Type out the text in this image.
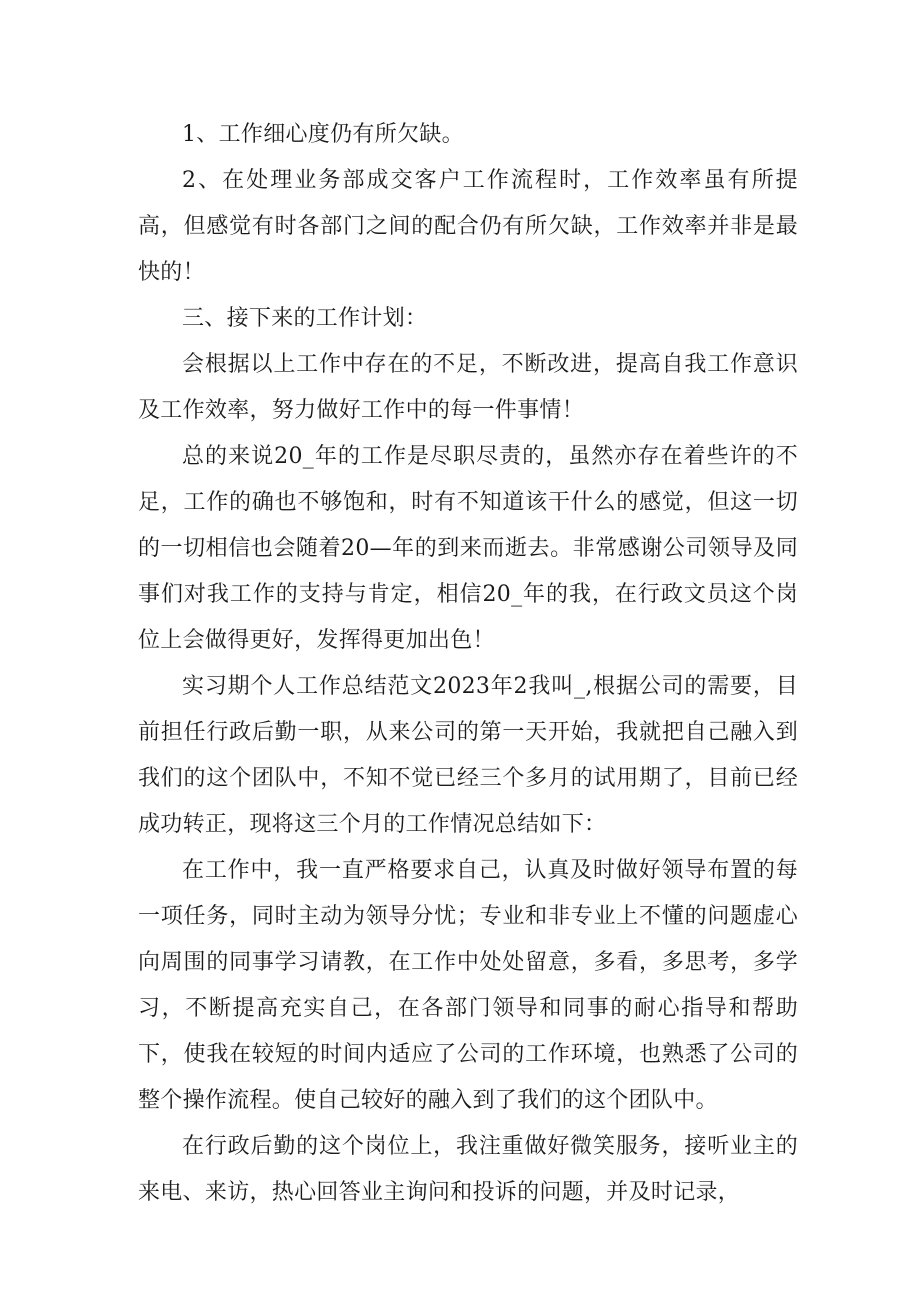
1、工作细心度仍有所欠缺。

2、在处理业务部成交客户工作流程时，工作效率虽有所提高，但感觉有时各部门之间的配合仍有所欠缺，工作效率并非是最快的！

三、接下来的工作计划：

会根据以上工作中存在的不足，不断改进，提高自我工作意识及工作效率，努力做好工作中的每一件事情！

总的来说20_年的工作是尽职尽责的，虽然亦存在着些许的不足，工作的确也不够饱和，时有不知道该干什么的感觉，但这一切的一切相信也会随着20—年的到来而逝去。非常感谢公司领导及同事们对我工作的支持与肯定，相信20_年的我，在行政文员这个岗位上会做得更好，发挥得更加出色！

实习期个人工作总结范文2023年2我叫_,根据公司的需要，目前担任行政后勤一职，从来公司的第一天开始，我就把自己融入到我们的这个团队中，不知不觉已经三个多月的试用期了，目前已经成功转正，现将这三个月的工作情况总结如下：

在工作中，我一直严格要求自己，认真及时做好领导布置的每一项任务，同时主动为领导分忧；专业和非专业上不懂的问题虚心向周围的同事学习请教，在工作中处处留意，多看，多思考，多学习，不断提高充实自己，在各部门领导和同事的耐心指导和帮助下，使我在较短的时间内适应了公司的工作环境，也熟悉了公司的整个操作流程。使自己较好的融入到了我们的这个团队中。

在行政后勤的这个岗位上，我注重做好微笑服务，接听业主的来电、来访，热心回答业主询问和投诉的问题，并及时记录，
